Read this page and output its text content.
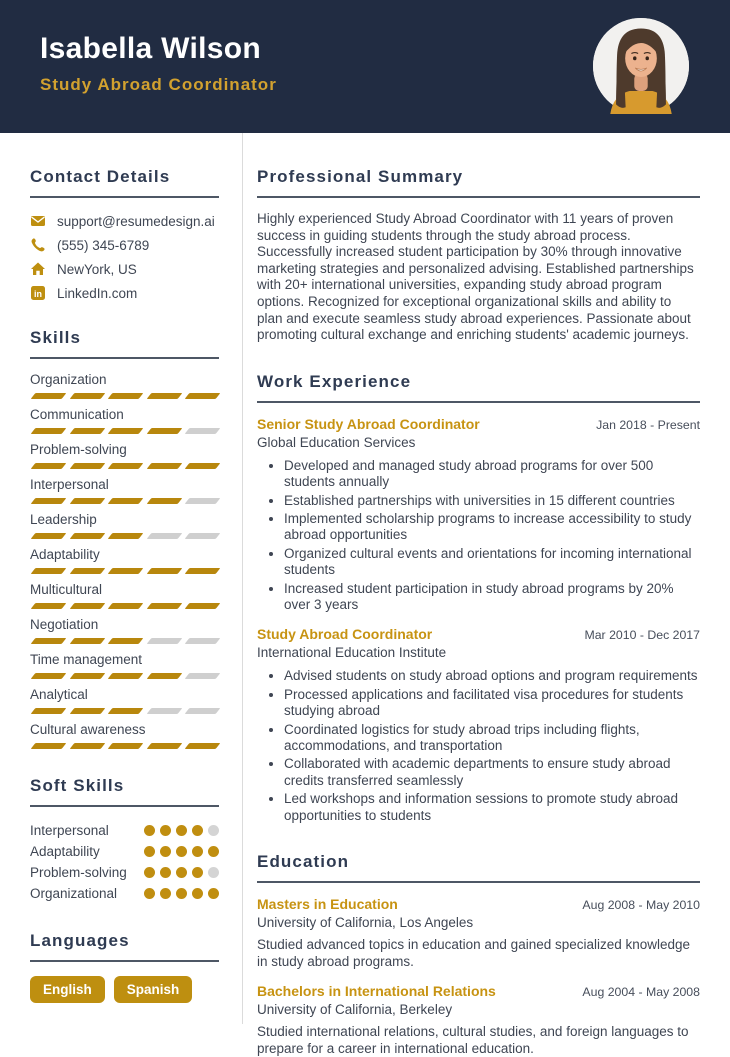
Isabella Wilson
Study Abroad Coordinator
Contact Details
support@resumedesign.ai
(555) 345-6789
NewYork, US
in LinkedIn.com
Skills
Organization
Communication
Problem-solving
Interpersonal
Leadership
Adaptability
Multicultural
Negotiation
Time management
Analytical
Cultural awareness
Soft Skills
Interpersonal
Adaptability
Problem-solving
Organizational
Languages
English	Spanish
Professional Summary

Highly experienced Study Abroad Coordinator with 11 years of proven success in guiding students through the study abroad process. Successfully increased student participation by 30% through innovative marketing strategies and personalized advising. Established partnerships with 20+ international universities, expanding study abroad program options. Recognized for exceptional organizational skills and ability to plan and execute seamless study abroad experiences. Passionate about promoting cultural exchange and enriching students' academic journeys.

Work Experience
Senior Study Abroad Coordinator	Jan 2018 - Present
Global Education Services
• Developed and managed study abroad programs for over 500 students annually
• Established partnerships with universities in 15 different countries
• Implemented scholarship programs to increase accessibility to study abroad opportunities
• Organized cultural events and orientations for incoming international students
• Increased student participation in study abroad programs by 20% over 3 years
Study Abroad Coordinator	Mar 2010 - Dec 2017
International Education Institute
• Advised students on study abroad options and program requirements
• Processed applications and facilitated visa procedures for students studying abroad
• Coordinated logistics for study abroad trips including flights, accommodations, and transportation
• Collaborated with academic departments to ensure study abroad credits transferred seamlessly
• Led workshops and information sessions to promote study abroad opportunities to students
Education
Masters in Education	Aug 2008 - May 2010
University of California, Los Angeles

Studied advanced topics in education and gained specialized knowledge in study abroad programs.

Bachelors in International Relations	Aug 2004 - May 2008
University of California, Berkeley

Studied international relations, cultural studies, and foreign languages to prepare for a career in international education.
